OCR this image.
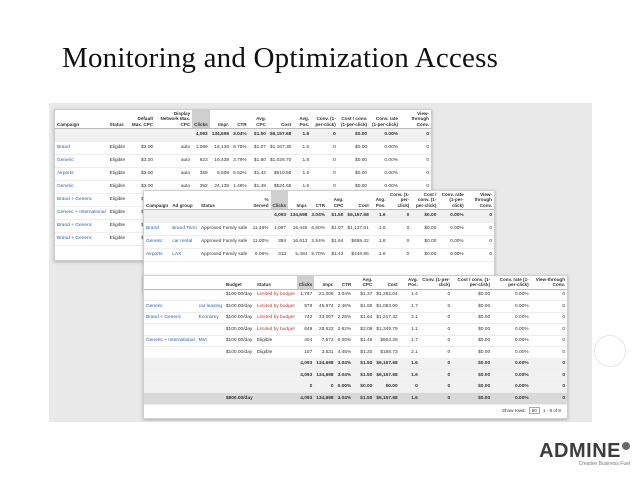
Monitoring and Optimization Access
Campaign	Status	Default Max. CPC	Display Network Max. CPC	Clicks	Impr.	CTR	Avg. CPC	Cost	Avg. Pos.	Conv. (1-per-click)	Cost / conv. (1-per-click)	Conv. rate (1-per-click)	View-through Conv.
				4,093	134,698	3.04%	$1.50	$6,157.68	1.6	0	$0.00	0.00%	0
Brand	Eligible	$3.00	auto	1,089	16,136	6.75%	$1.07	$1,167.30	1.6	0	$0.00	0.00%	0
Generic	Eligible	$3.00	auto	623	16,439	3.79%	$1.60	$1,026.70	1.8	0	$0.00	0.00%	0
Airports	Eligible	$3.00	auto	359	6,508	5.52%	$1.42	$510.56	1.6	0	$0.00	0.00%	0
Generic	Eligible	$3.00	auto	352	24,135	1.46%	$1.49	$524.68	1.6	0	$0.00	0.00%	0
Brand + Generic	Eligible												
Generic + International	Eligible												
Brand + Generic	Eligible												
Brand + Generic	Eligible												
Campaign	Ad group	Status	% Served	Clicks	Impr.	CTR	Avg. CPC	Cost	Avg. Pos.	Conv. (1-per-click)	Cost / conv. (1-per-click)	Conv. rate (1-per-click)	View-through Conv.
				4,093	134,698	3.04%	$1.50	$6,157.68	1.6	0	$0.00	0.00%	0
Brand	Brand Term	Approved Family safe	11.46%	1,087	15,446	6.60%	$1.07	$1,137.61	1.6	0	$0.00	0.00%	0
Generic	car rental	Approved Family safe	11.00%	394	16,613	2.54%	$1.64	$659.42	1.8	0	$0.00	0.00%	0
Airports	LAX	Approved Family safe	6.06%	313	5,484	5.70%	$1.43	$448.95	1.6	0	$0.00	0.00%	0
		Budget	Status	Clicks	Impr.	CTR	Avg. CPC	Cost	Avg. Pos.	Conv. (1-per-click)	Cost / conv. (1-per-click)	Conv. rate (1-per-click)	View-through Conv.
		$100.00/day	Limited by budget	1,767	21,008	3.04%	$1.37	$1,262.04	1.4	0	$0.00	0.00%	0
Generic	car leasing	$100.00/day	Limited by budget	978	45,974	2.46%	$1.86	$1,083.09	1.7	0	$0.00	0.00%	0
Brand + Generic	Economy	$100.00/day	Limited by budget	742	33,007	2.26%	$1.64	$1,217.32	2.1	0	$0.00	0.00%	0
		$100.00/day	Limited by budget	649	28,622	2.82%	$2.08	$1,349.79	1.1	0	$0.00	0.00%	0
Generic + International	MIA	$100.00/day	Eligible	404	7,573	5.00%	$1.49	$603.28	1.7	0	$0.00	0.00%	0
		$100.00/day	Eligible	157	3,531	4.45%	$1.20	$188.73	2.1	0	$0.00	0.00%	0
				4,093	134,698	3.04%	$1.50	$6,157.68	1.6	0	$0.00	0.00%	0
				4,093	134,698	3.04%	$1.50	$6,157.68	1.6	0	$0.00	0.00%	0
				0	0	0.00%	$0.00	$0.00	0	0	$0.00	0.00%	0
		$800.00/day		4,093	134,698	3.04%	$1.50	$6,157.68	1.6	0	$0.00	0.00%	0
Show rows:	50	1 - 8 of 8
ADMINE
Creative Business Fuel
